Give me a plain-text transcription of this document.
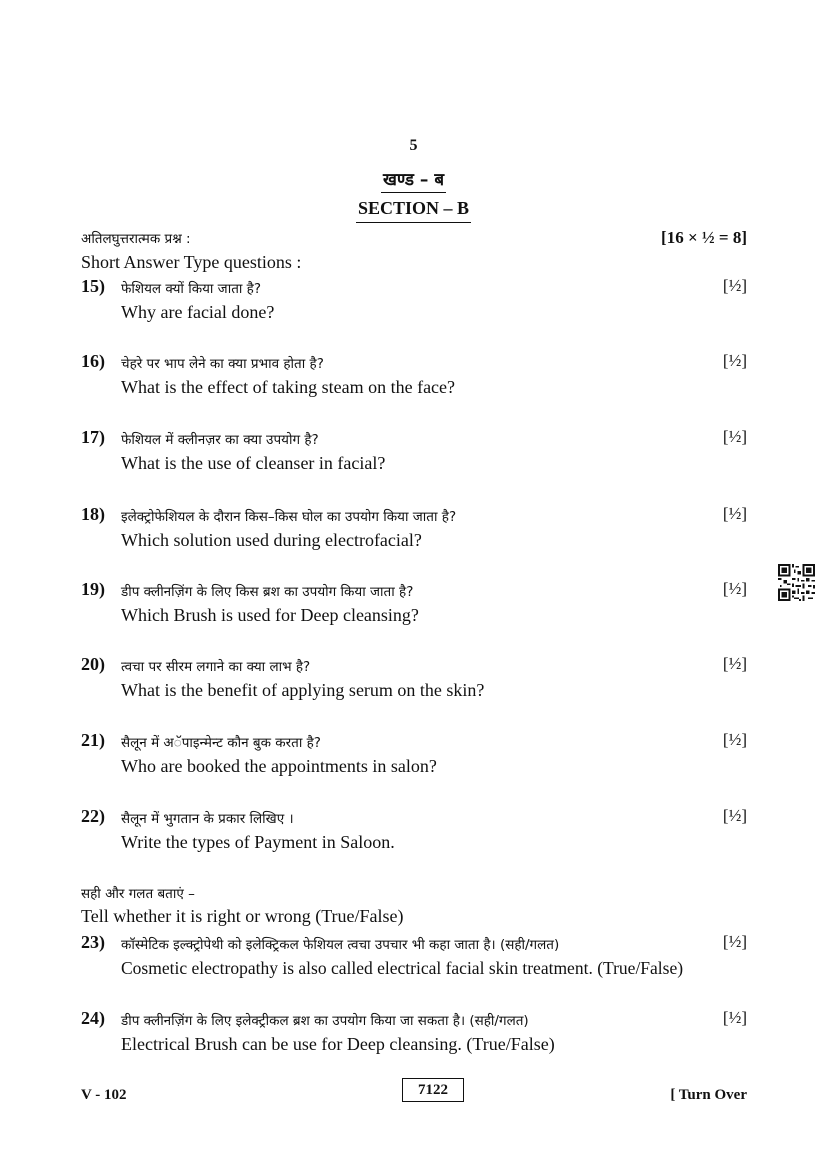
5
खण्ड – ब
SECTION – B
अतिलघुत्तरात्मक प्रश्न :	[16 × ½ = 8]
Short Answer Type questions :
15) फेशियल क्यों किया जाता है?	[½]
Why are facial done?
16) चेहरे पर भाप लेने का क्या प्रभाव होता है?	[½]
What is the effect of taking steam on the face?
17) फेशियल में क्लीनज़र का क्या उपयोग है?	[½]
What is the use of cleanser in facial?
18) इलेक्ट्रोफेशियल के दौरान किस–किस घोल का उपयोग किया जाता है?	[½]
Which solution used during electrofacial?
19) डीप क्लीनज़िंग के लिए किस ब्रश का उपयोग किया जाता है?	[½]
Which Brush is used for Deep cleansing?
20) त्वचा पर सीरम लगाने का क्या लाभ है?	[½]
What is the benefit of applying serum on the skin?
21) सैलून में अॅपाइन्मेन्ट कौन बुक करता है?	[½]
Who are booked the appointments in salon?
22) सैलून में भुगतान के प्रकार लिखिए ।	[½]
Write the types of Payment in Saloon.
सही और गलत बताएं –
Tell whether it is right or wrong (True/False)
23) कॉस्मेटिक इल्क्ट्रोपेथी को इलेक्ट्रिकल फेशियल त्वचा उपचार भी कहा जाता है। (सही/गलत)	[½]
Cosmetic electropathy is also called electrical facial skin treatment. (True/False)
24) डीप क्लीनज़िंग के लिए इलेक्ट्रीकल ब्रश का उपयोग किया जा सकता है। (सही/गलत)	[½]
Electrical Brush can be use for Deep cleansing. (True/False)
V - 102	7122	[ Turn Over
